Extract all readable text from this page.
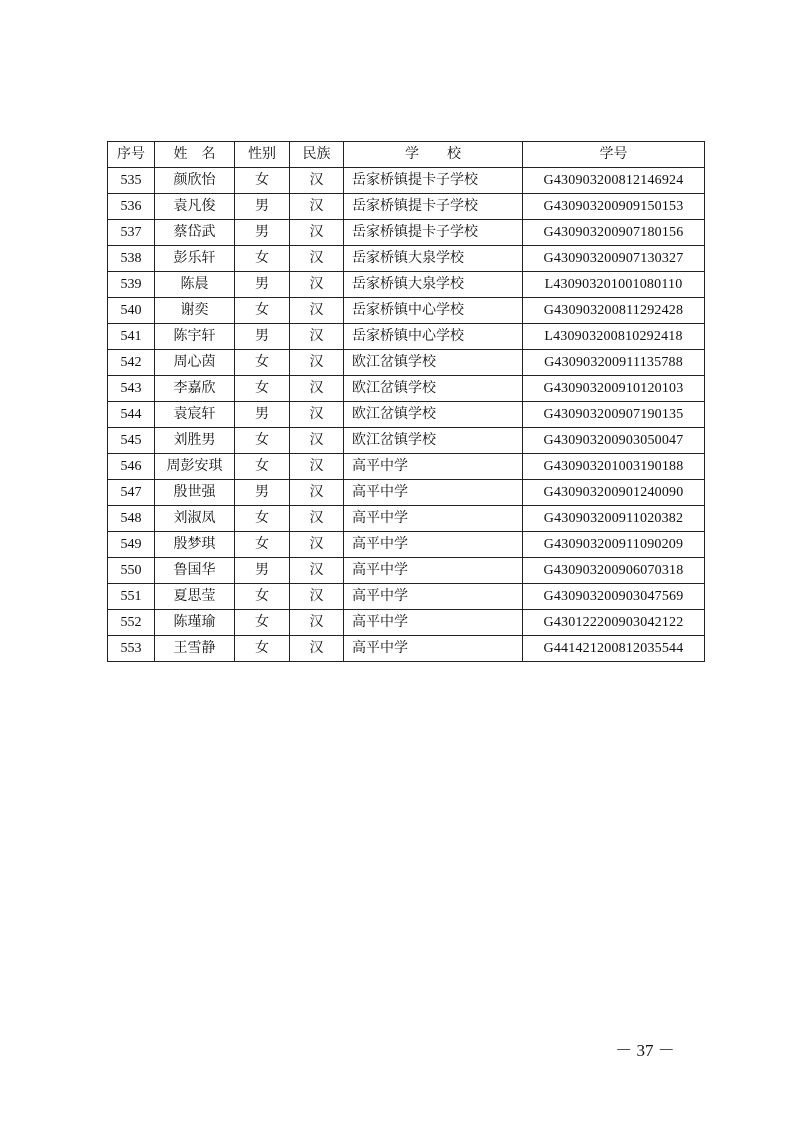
序号	姓　名	性别	民族	学　　校	学号
535	颜欣怡	女	汉	岳家桥镇提卡子学校	G430903200812146924
536	袁凡俊	男	汉	岳家桥镇提卡子学校	G430903200909150153
537	蔡岱武	男	汉	岳家桥镇提卡子学校	G430903200907180156
538	彭乐轩	女	汉	岳家桥镇大泉学校	G430903200907130327
539	陈晨	男	汉	岳家桥镇大泉学校	L430903201001080110
540	谢奕	女	汉	岳家桥镇中心学校	G430903200811292428
541	陈宇轩	男	汉	岳家桥镇中心学校	L430903200810292418
542	周心茵	女	汉	欧江岔镇学校	G430903200911135788
543	李嘉欣	女	汉	欧江岔镇学校	G430903200910120103
544	袁宸轩	男	汉	欧江岔镇学校	G430903200907190135
545	刘胜男	女	汉	欧江岔镇学校	G430903200903050047
546	周彭安琪	女	汉	高平中学	G430903201003190188
547	殷世强	男	汉	高平中学	G430903200901240090
548	刘淑凤	女	汉	高平中学	G430903200911020382
549	殷梦琪	女	汉	高平中学	G430903200911090209
550	鲁国华	男	汉	高平中学	G430903200906070318
551	夏思莹	女	汉	高平中学	G430903200903047569
552	陈瑾瑜	女	汉	高平中学	G430122200903042122
553	王雪静	女	汉	高平中学	G441421200812035544
－ 37 －
